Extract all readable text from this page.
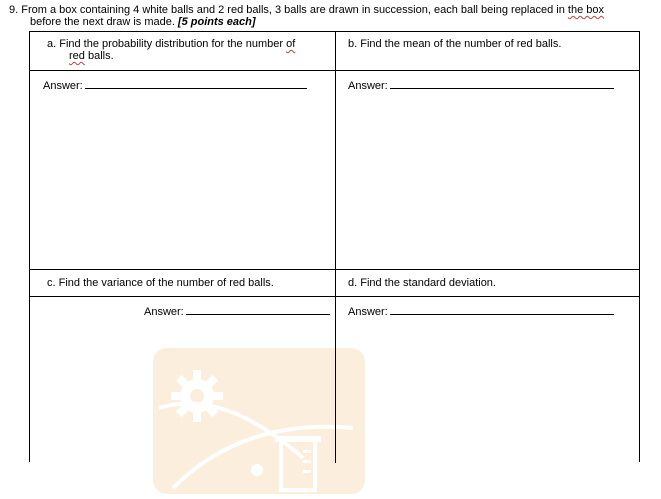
9. From a box containing 4 white balls and 2 red balls, 3 balls are drawn in succession, each ball being replaced in the box
before the next draw is made. [5 points each]
a. Find the probability distribution for the number of
red balls.
Answer:
b. Find the mean of the number of red balls.
Answer:
c. Find the variance of the number of red balls.
Answer:
d. Find the standard deviation.
Answer:
